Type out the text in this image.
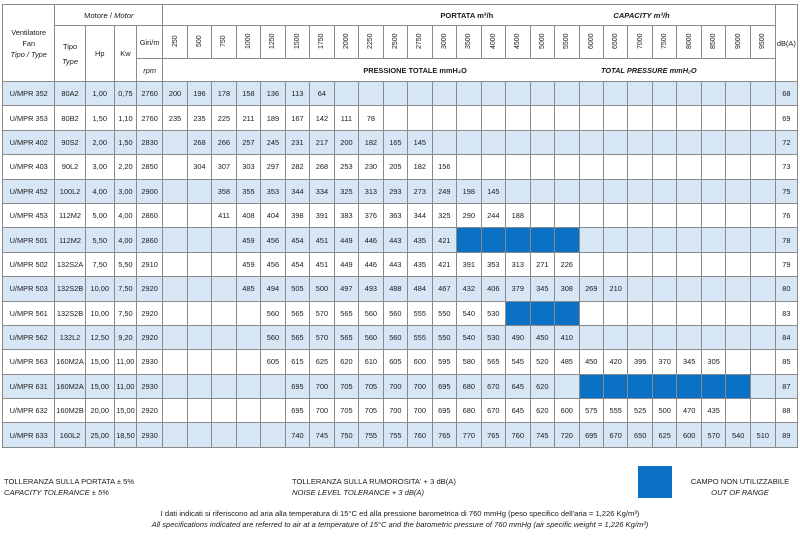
Ventilatore
Fan
Tipo / Type	Motore / Motor				PORTATA m³/h CAPACITY m³/h																									dB(A)

	Tipo
Type	Hp	Kw	Giri/m	250	500	750	1000	1250	1500	1750	2000	2250	2500	2750	3000	3500	4000	4500	5000	5500	6000	6500	7000	7500	8000	8500	9000	9500	
				rpm	PRESSIONE TOTALE mmH₂O TOTAL PRESSURE mmH₂O																									
U/MPR 352	80A2	1,00	0,75	2760	200	196	178	158	136	113	64																			68
U/MPR 353	80B2	1,50	1,10	2760	235	235	225	211	189	167	142	111	78																	69
U/MPR 402	90S2	2,00	1,50	2830		268	266	257	245	231	217	200	182	165	145															72
U/MPR 403	90L2	3,00	2,20	2850		304	307	303	297	282	268	253	230	205	182	156														73
U/MPR 452	100L2	4,00	3,00	2900			358	355	353	344	334	325	313	293	273	249	198	145												75
U/MPR 453	112M2	5,00	4,00	2860			411	408	404	398	391	383	376	363	344	325	290	244	188											76
U/MPR 501	112M2	5,50	4,00	2860				459	456	454	451	449	446	443	435	421														78
U/MPR 502	132S2A	7,50	5,50	2910				459	456	454	451	449	446	443	435	421	391	353	313	271	226									79
U/MPR 503	132S2B	10,00	7,50	2920				485	494	505	500	497	493	488	484	467	432	406	379	345	308	269	210							80
U/MPR 561	132S2B	10,00	7,50	2920					560	565	570	565	560	560	555	550	540	530												83
U/MPR 562	132L2	12,50	9,20	2920					560	565	570	565	560	560	555	550	540	530	490	450	410									84
U/MPR 563	160M2A	15,00	11,00	2930					605	615	625	620	610	605	600	595	580	565	545	520	485	450	420	395	370	345	305			85
U/MPR 631	160M2A	15,00	11,00	2930						695	700	705	705	700	700	695	680	670	645	620										87
U/MPR 632	160M2B	20,00	15,00	2920						695	700	705	705	700	700	695	680	670	645	620	600	575	555	525	500	470	435			88
U/MPR 633	160L2	25,00	18,50	2930						740	745	750	755	755	760	765	770	765	760	745	720	695	670	650	625	600	570	540	510	89
TOLLERANZA SULLA PORTATA ± 5%
CAPACITY TOLERANCE ± 5%
TOLLERANZA SULLA RUMOROSITA' + 3 dB(A)
NOISE LEVEL TOLERANCE + 3 dB(A)
CAMPO NON UTILIZZABILE
OUT OF RANGE
I dati indicati si riferiscono ad aria alla temperatura di 15°C ed alla pressione barometrica di 760 mmHg (peso specifico dell'aria = 1,226 Kg/m³)
All specifications indicated are referred to air at a temperature of 15°C and the barometric pressure of 760 mmHg (air specific weight = 1,226 Kg/m³)
